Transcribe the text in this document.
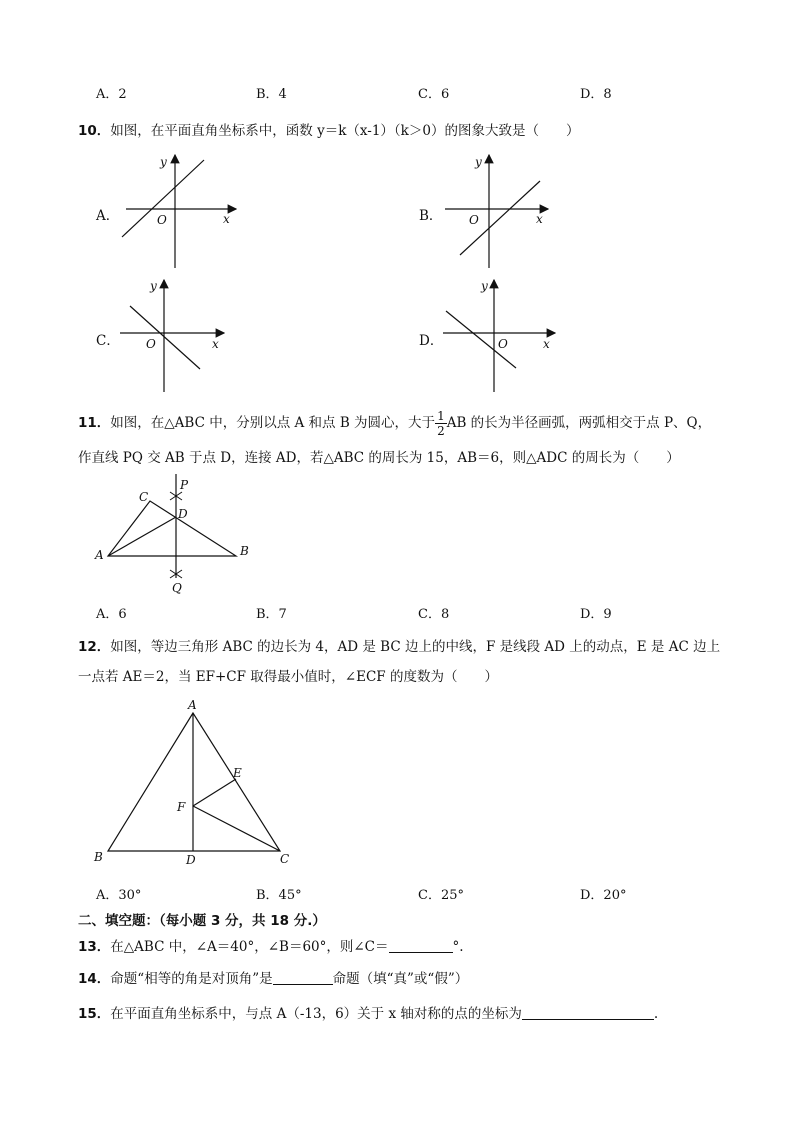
A．2	B．4	C．6	D．8
10．如图，在平面直角坐标系中，函数 y＝k（x-1）（k＞0）的图象大致是（　　）
A．	B．
C．	D．
y
x
O
y
x
O
y
x
O
y
x
O
A	B
C
D
P
Q
A
B	C
D
E
F
11．如图，在△ABC 中，分别以点 A 和点 B 为圆心，大于 $\frac{1}{2}$ AB 的长为半径画弧，两弧相交于点 P、Q，
作直线 PQ 交 AB 于点 D，连接 AD，若△ABC 的周长为 15，AB＝6，则△ADC 的周长为（　　）
A．6	B．7	C．8	D．9
12．如图，等边三角形 ABC 的边长为 4，AD 是 BC 边上的中线，F 是线段 AD 上的动点，E 是 AC 边上
一点若 AE＝2，当 EF+CF 取得最小值时，∠ECF 的度数为（　　）
A．30°	B．45°	C．25°	D．20°
二、填空题：（每小题 3 分，共 18 分.）
13．在△ABC 中，∠A＝40°，∠B＝60°，则∠C＝	°.
14．命题“相等的角是对顶角”是	命题（填“真”或“假”）
15．在平面直角坐标系中，与点 A（-13，6）关于 x 轴对称的点的坐标为	.
